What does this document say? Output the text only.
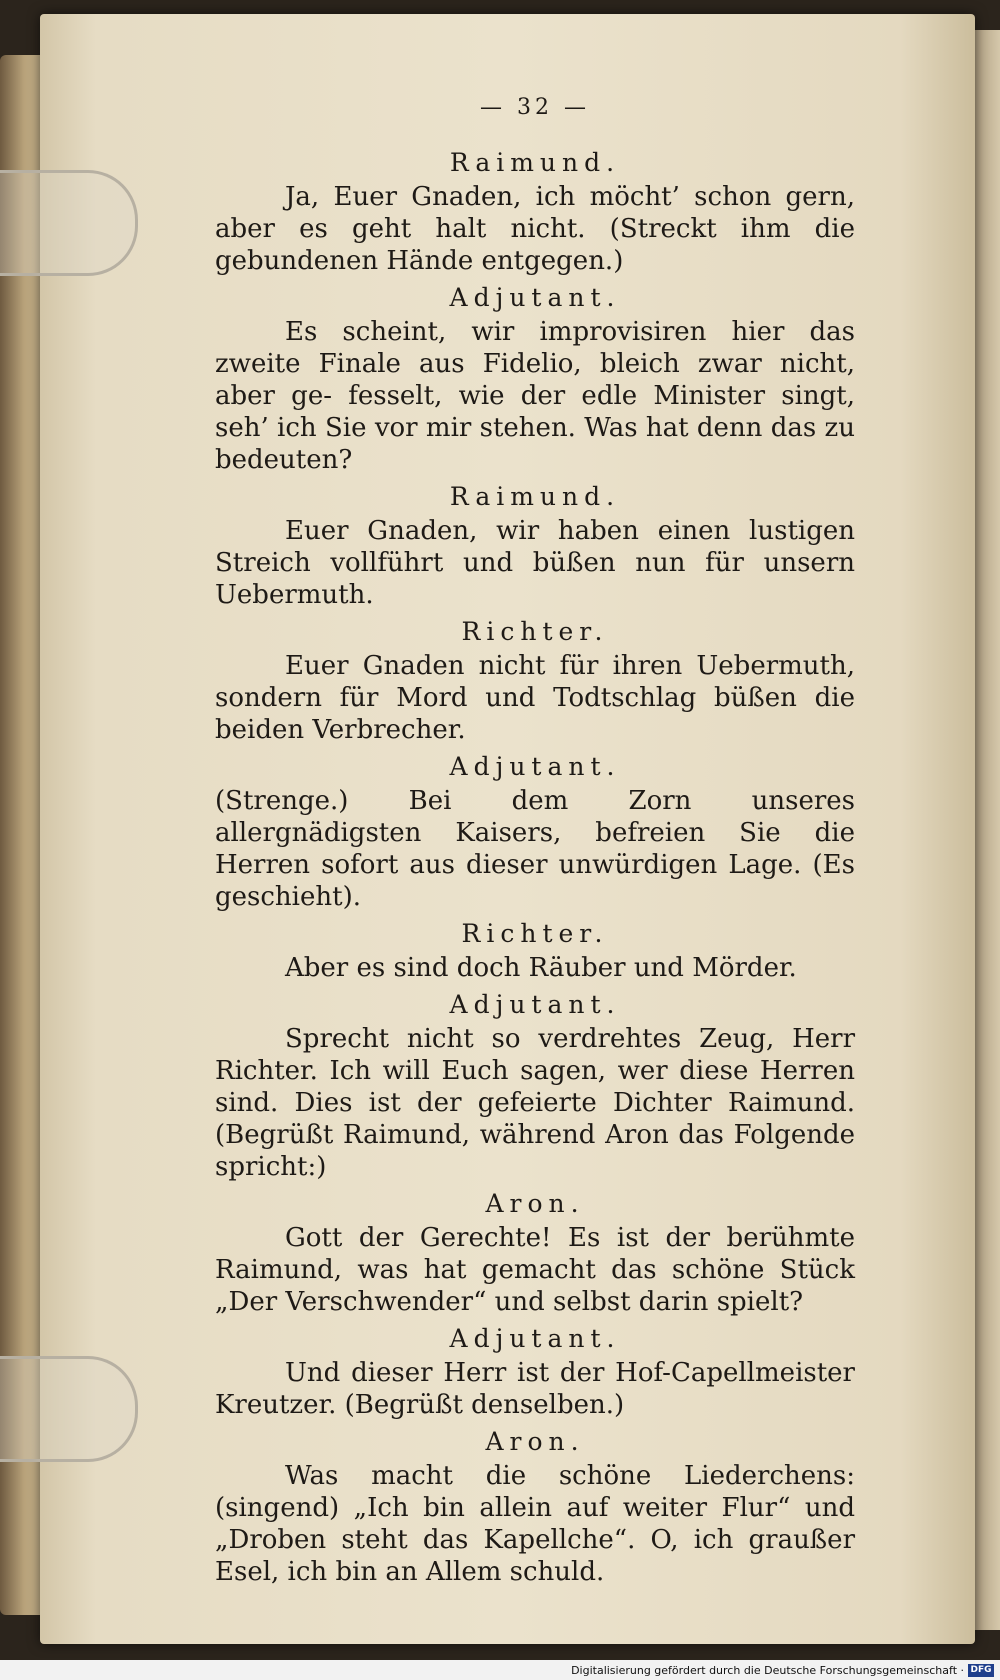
— 32 —
Raimund.
Ja, Euer Gnaden, ich möcht’ schon gern, aber es geht halt nicht. (Streckt ihm die gebundenen Hände entgegen.)
Adjutant.
Es scheint, wir improvisiren hier das zweite Finale aus Fidelio, bleich zwar nicht, aber ge- fesselt, wie der edle Minister singt, seh’ ich Sie vor mir stehen. Was hat denn das zu bedeuten?
Raimund.
Euer Gnaden, wir haben einen lustigen Streich vollführt und büßen nun für unsern Uebermuth.
Richter.
Euer Gnaden nicht für ihren Uebermuth, sondern für Mord und Todtschlag büßen die beiden Verbrecher.
Adjutant.
(Strenge.) Bei dem Zorn unseres allergnädigsten Kaisers, befreien Sie die Herren sofort aus dieser unwürdigen Lage. (Es geschieht).
Richter.
Aber es sind doch Räuber und Mörder.
Adjutant.
Sprecht nicht so verdrehtes Zeug, Herr Richter. Ich will Euch sagen, wer diese Herren sind. Dies ist der gefeierte Dichter Raimund. (Begrüßt Raimund, während Aron das Folgende spricht:)
Aron.
Gott der Gerechte! Es ist der berühmte Raimund, was hat gemacht das schöne Stück „Der Verschwender“ und selbst darin spielt?
Adjutant.
Und dieser Herr ist der Hof-Capellmeister Kreutzer. (Begrüßt denselben.)
Aron.
Was macht die schöne Liederchens: (singend) „Ich bin allein auf weiter Flur“ und „Droben steht das Kapellche“. O, ich graußer Esel, ich bin an Allem schuld.
Digitalisierung gefördert durch die Deutsche Forschungsgemeinschaft · DFG
